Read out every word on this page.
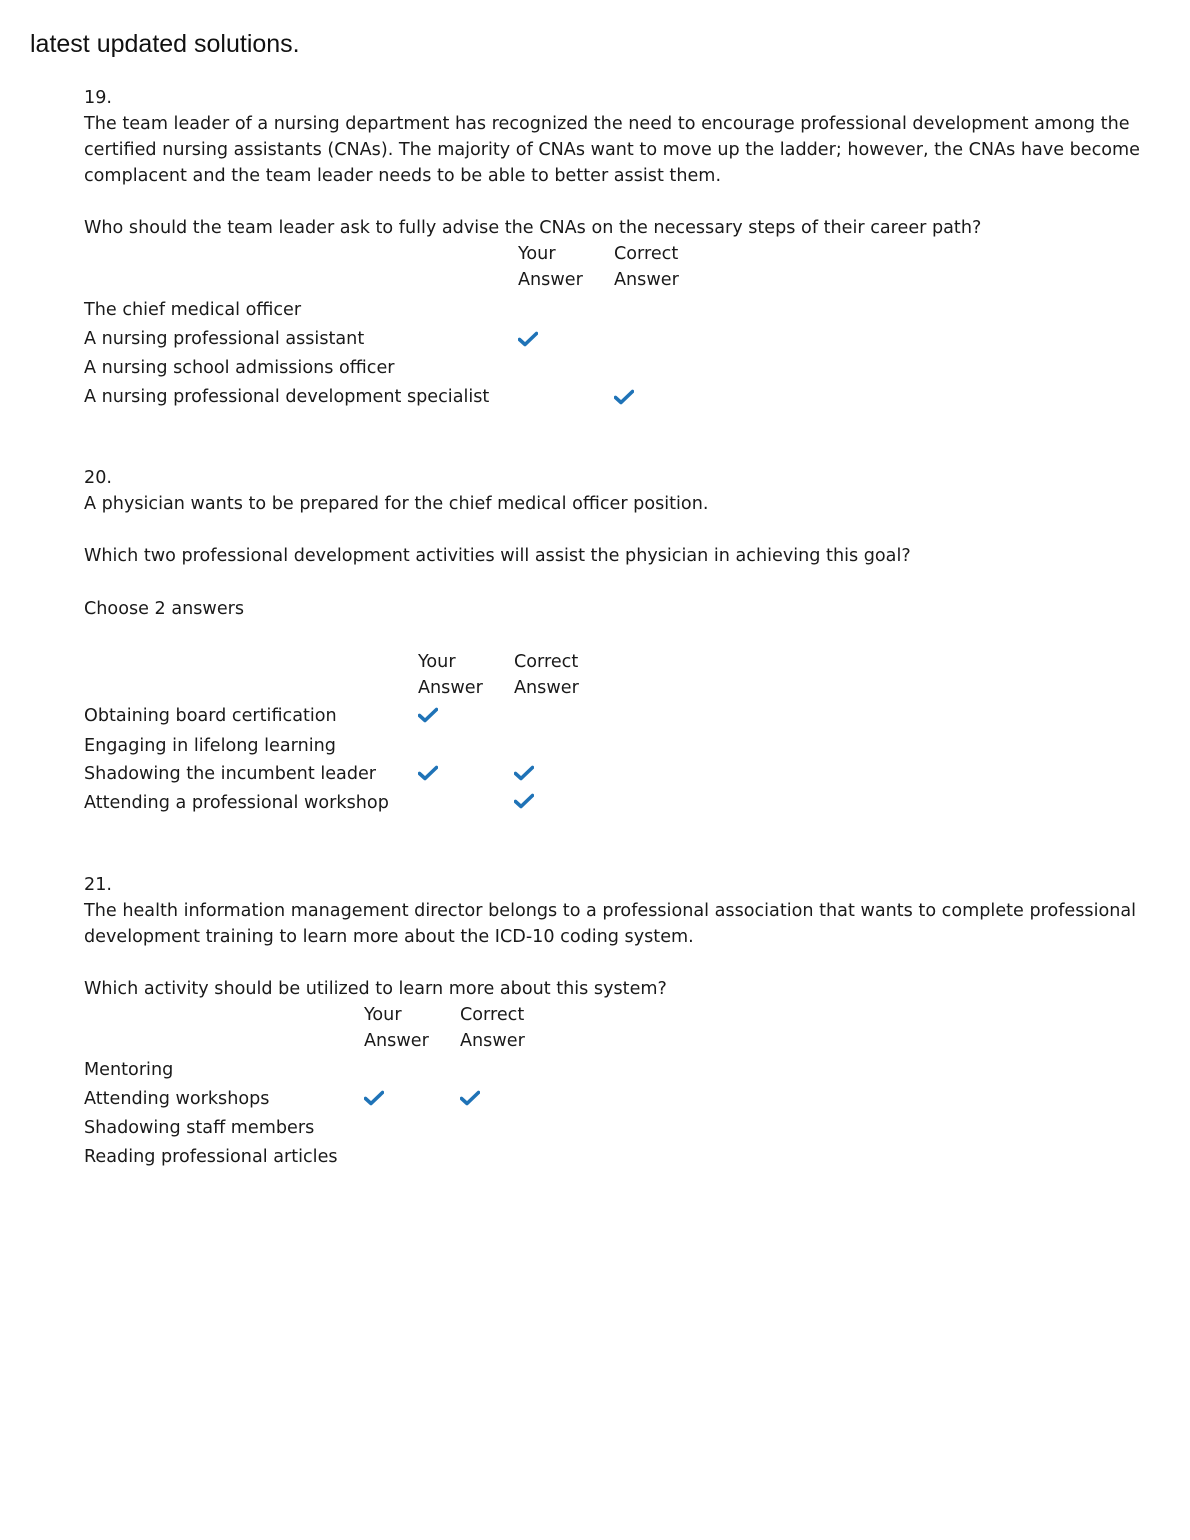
latest updated solutions.

19.

The team leader of a nursing department has recognized the need to encourage professional development among the certified nursing assistants (CNAs). The majority of CNAs want to move up the ladder; however, the CNAs have become complacent and the team leader needs to be able to better assist them.

Who should the team leader ask to fully advise the CNAs on the necessary steps of their career path?

Your
Answer
Correct
Answer
The chief medical officer
A nursing professional assistant
A nursing school admissions officer
A nursing professional development specialist

20.

A physician wants to be prepared for the chief medical officer position.

Which two professional development activities will assist the physician in achieving this goal?

Choose 2 answers

Your
Answer
Correct
Answer
Obtaining board certification
Engaging in lifelong learning
Shadowing the incumbent leader
Attending a professional workshop

21.

The health information management director belongs to a professional association that wants to complete professional development training to learn more about the ICD-10 coding system.

Which activity should be utilized to learn more about this system?

Your
Answer
Correct
Answer
Mentoring
Attending workshops
Shadowing staff members
Reading professional articles
